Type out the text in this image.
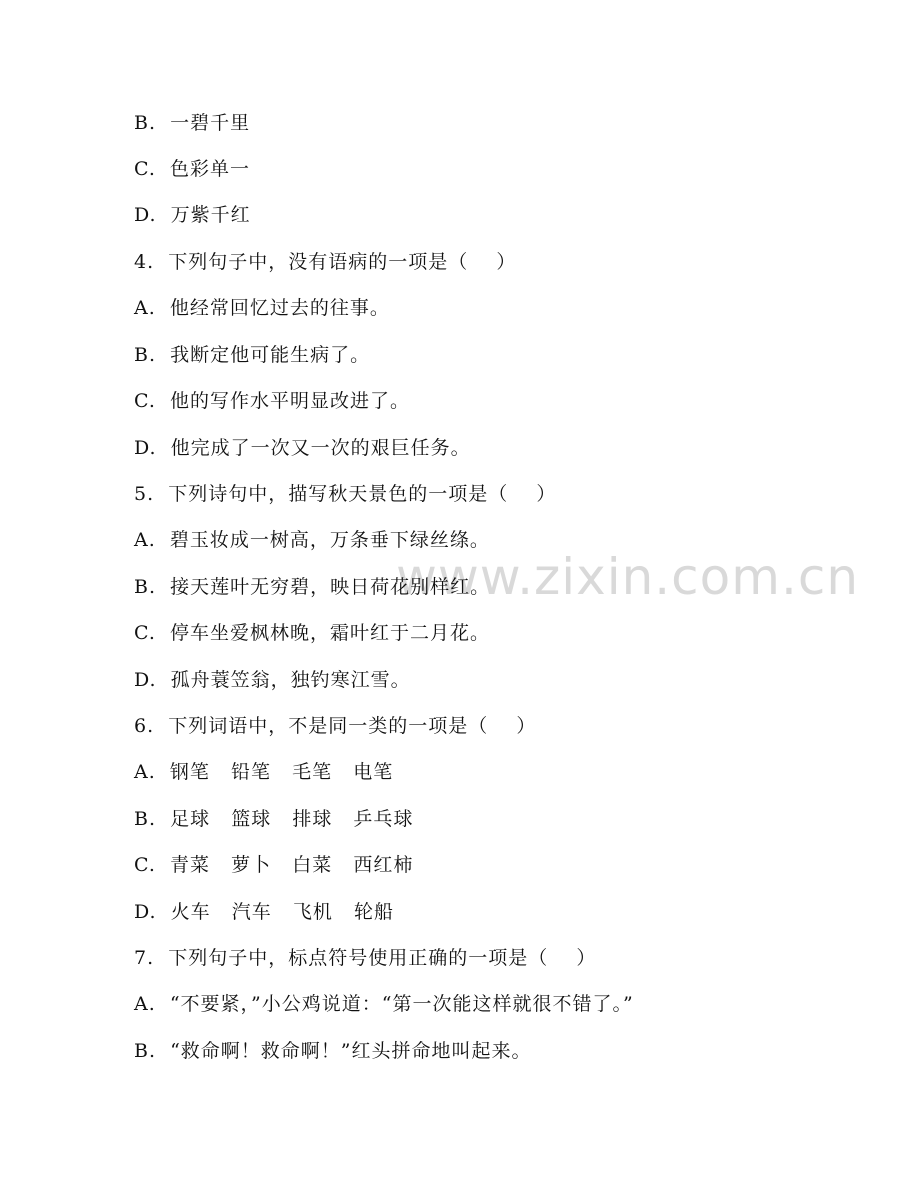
www.zixin.com.cn
B.  一碧千里
C.  色彩单一
D.  万紫千红
4.  下列句子中，没有语病的一项是（    ）
A.  他经常回忆过去的往事。
B.  我断定他可能生病了。
C.  他的写作水平明显改进了。
D.  他完成了一次又一次的艰巨任务。
5.  下列诗句中，描写秋天景色的一项是（    ）
A.  碧玉妆成一树高，万条垂下绿丝绦。
B.  接天莲叶无穷碧，映日荷花别样红。
C.  停车坐爱枫林晚，霜叶红于二月花。
D.  孤舟蓑笠翁，独钓寒江雪。
6.  下列词语中，不是同一类的一项是（    ）
A.  钢笔   铅笔   毛笔   电笔
B.  足球   篮球   排球   乒乓球
C.  青菜   萝卜   白菜   西红柿
D.  火车   汽车   飞机   轮船
7.  下列句子中，标点符号使用正确的一项是（    ）
A.  “不要紧，”小公鸡说道：“第一次能这样就很不错了。”
B.  “救命啊！救命啊！”红头拼命地叫起来。
